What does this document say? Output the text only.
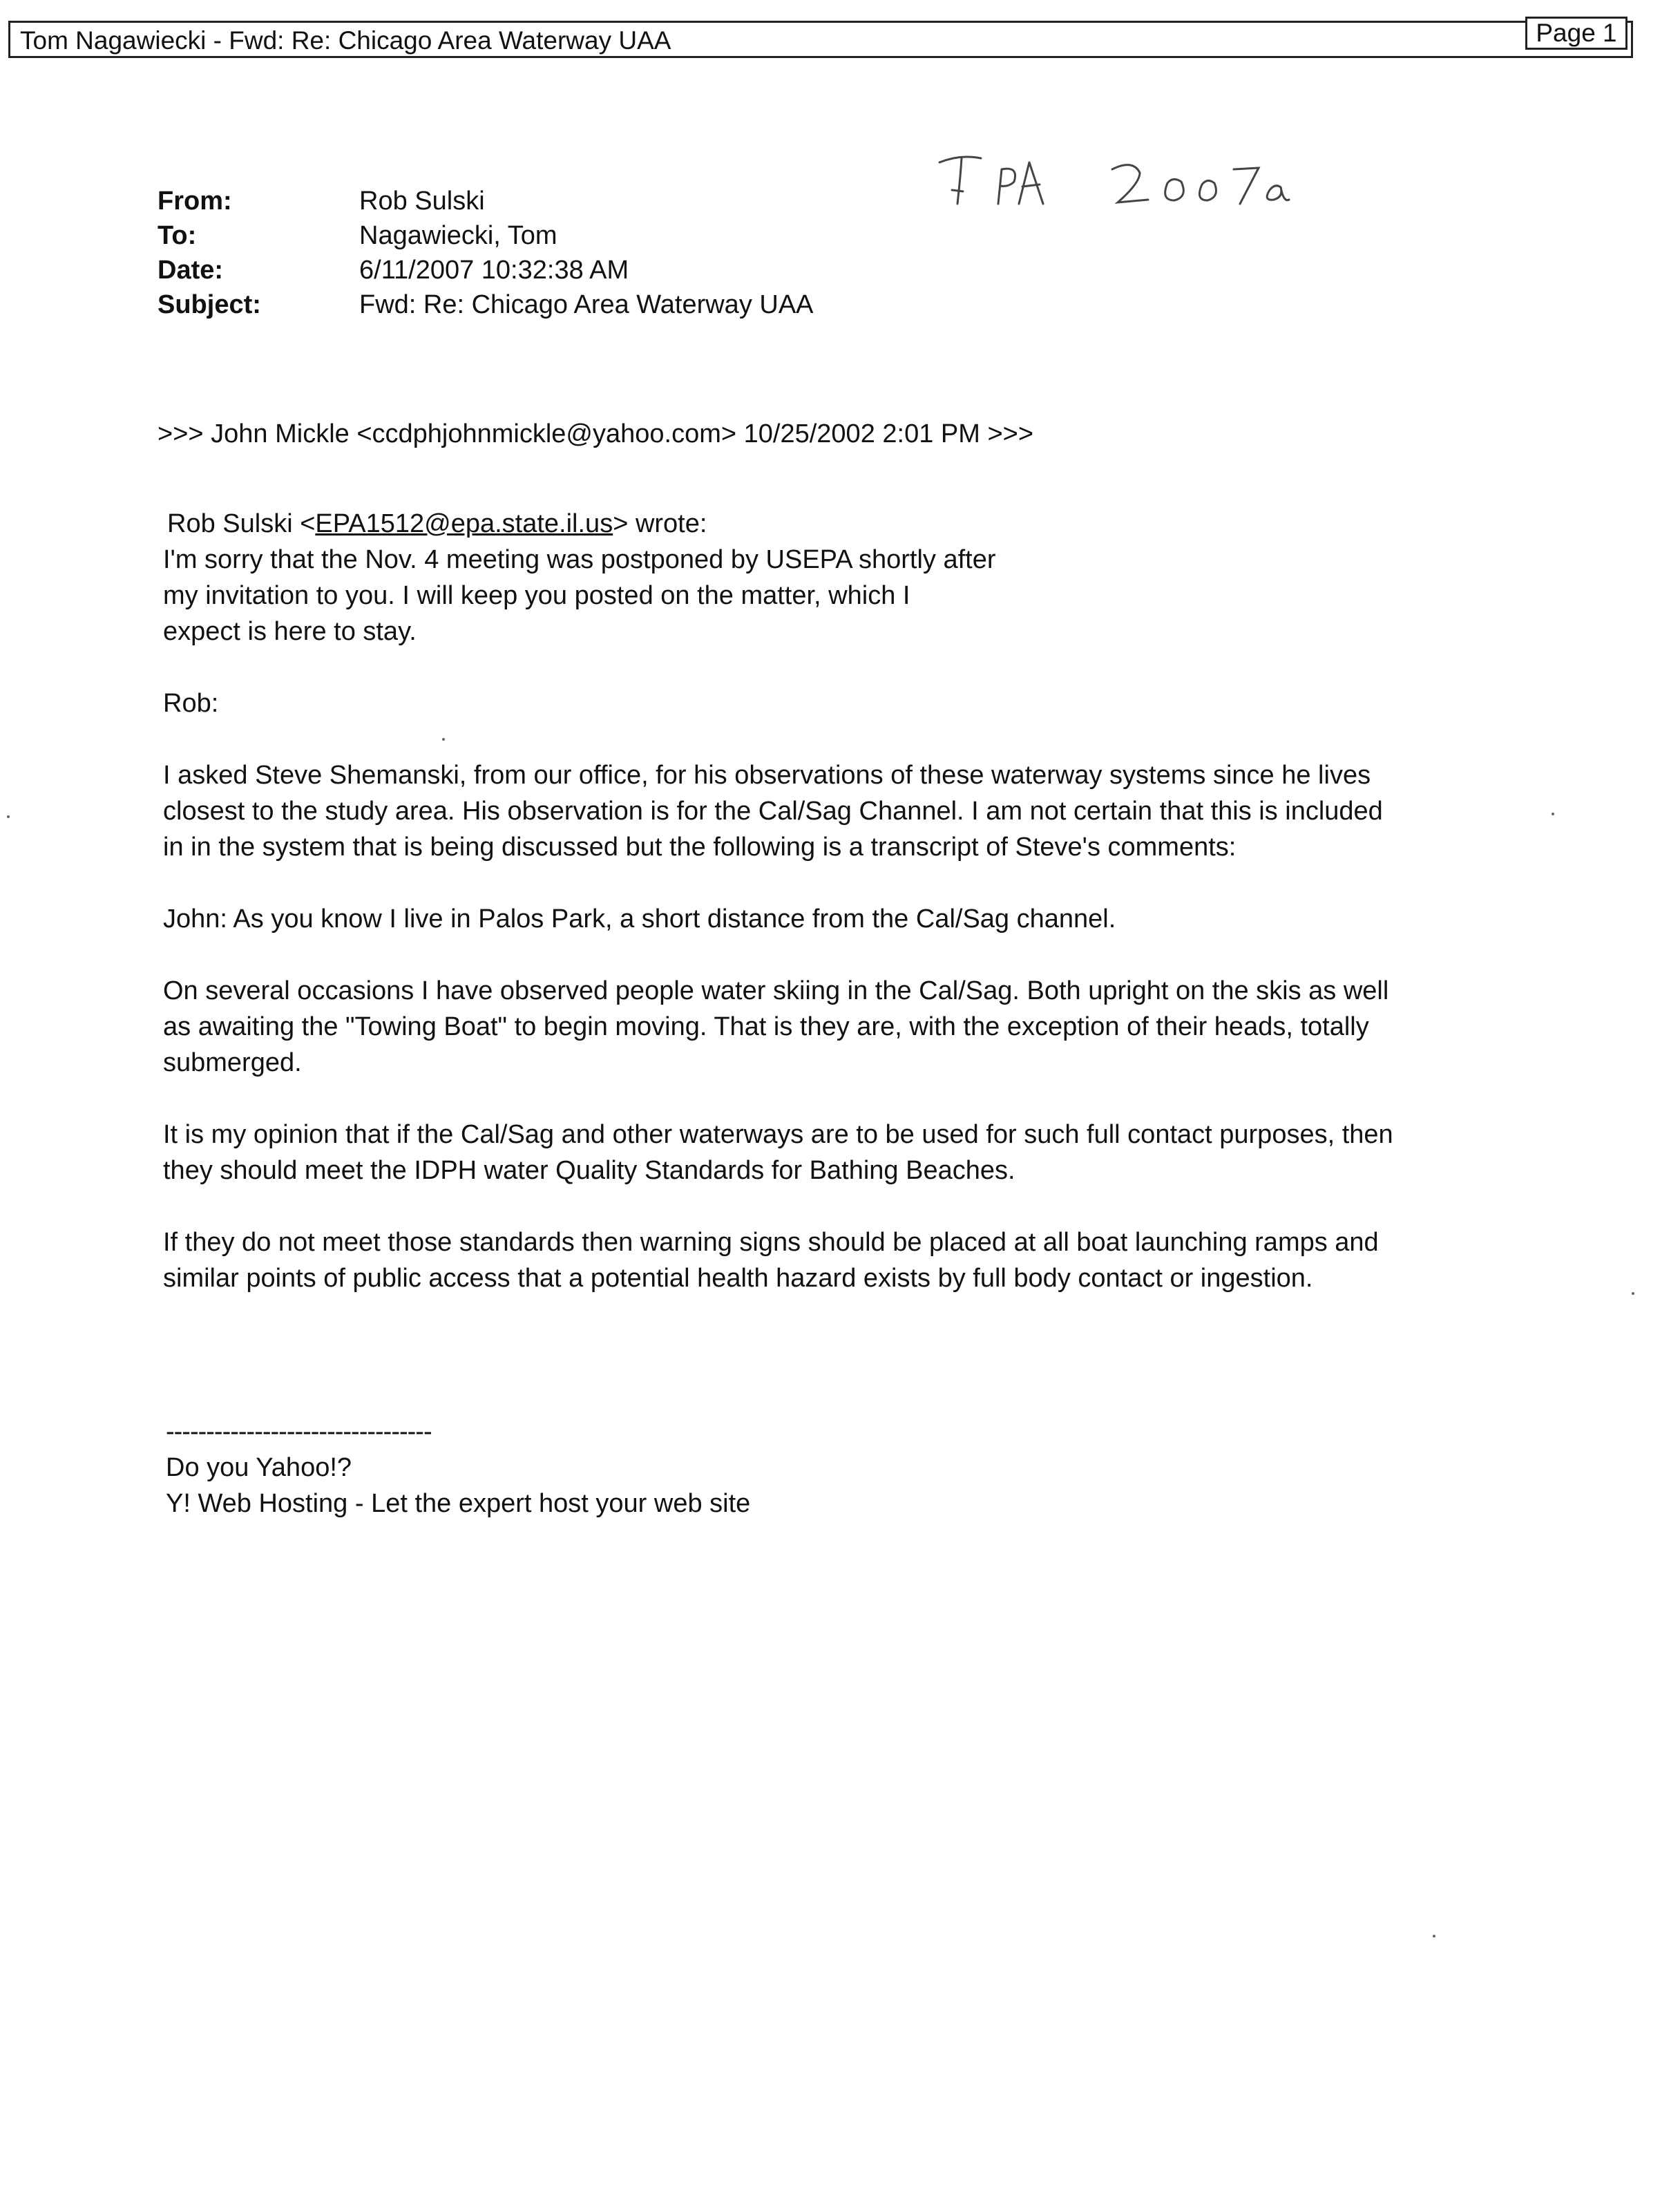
Tom Nagawiecki - Fwd: Re: Chicago Area Waterway UAA	Page 1
From:	Rob Sulski
To:	Nagawiecki, Tom
Date:	6/11/2007 10:32:38 AM
Subject:	Fwd: Re: Chicago Area Waterway UAA

>>> John Mickle <ccdphjohnmickle@yahoo.com> 10/25/2002 2:01 PM >>>

Rob Sulski <EPA1512@epa.state.il.us> wrote:

I'm sorry that the Nov. 4 meeting was postponed by USEPA shortly after

my invitation to you. I will keep you posted on the matter, which I

expect is here to stay.

Rob:

I asked Steve Shemanski, from our office, for his observations of these waterway systems since he lives

closest to the study area. His observation is for the Cal/Sag Channel. I am not certain that this is included

in in the system that is being discussed but the following is a transcript of Steve's comments:

John: As you know I live in Palos Park, a short distance from the Cal/Sag channel.

On several occasions I have observed people water skiing in the Cal/Sag. Both upright on the skis as well

as awaiting the "Towing Boat" to begin moving. That is they are, with the exception of their heads, totally

submerged.

It is my opinion that if the Cal/Sag and other waterways are to be used for such full contact purposes, then

they should meet the IDPH water Quality Standards for Bathing Beaches.

If they do not meet those standards then warning signs should be placed at all boat launching ramps and

similar points of public access that a potential health hazard exists by full body contact or ingestion.

---------------------------------
Do you Yahoo!?
Y! Web Hosting - Let the expert host your web site
